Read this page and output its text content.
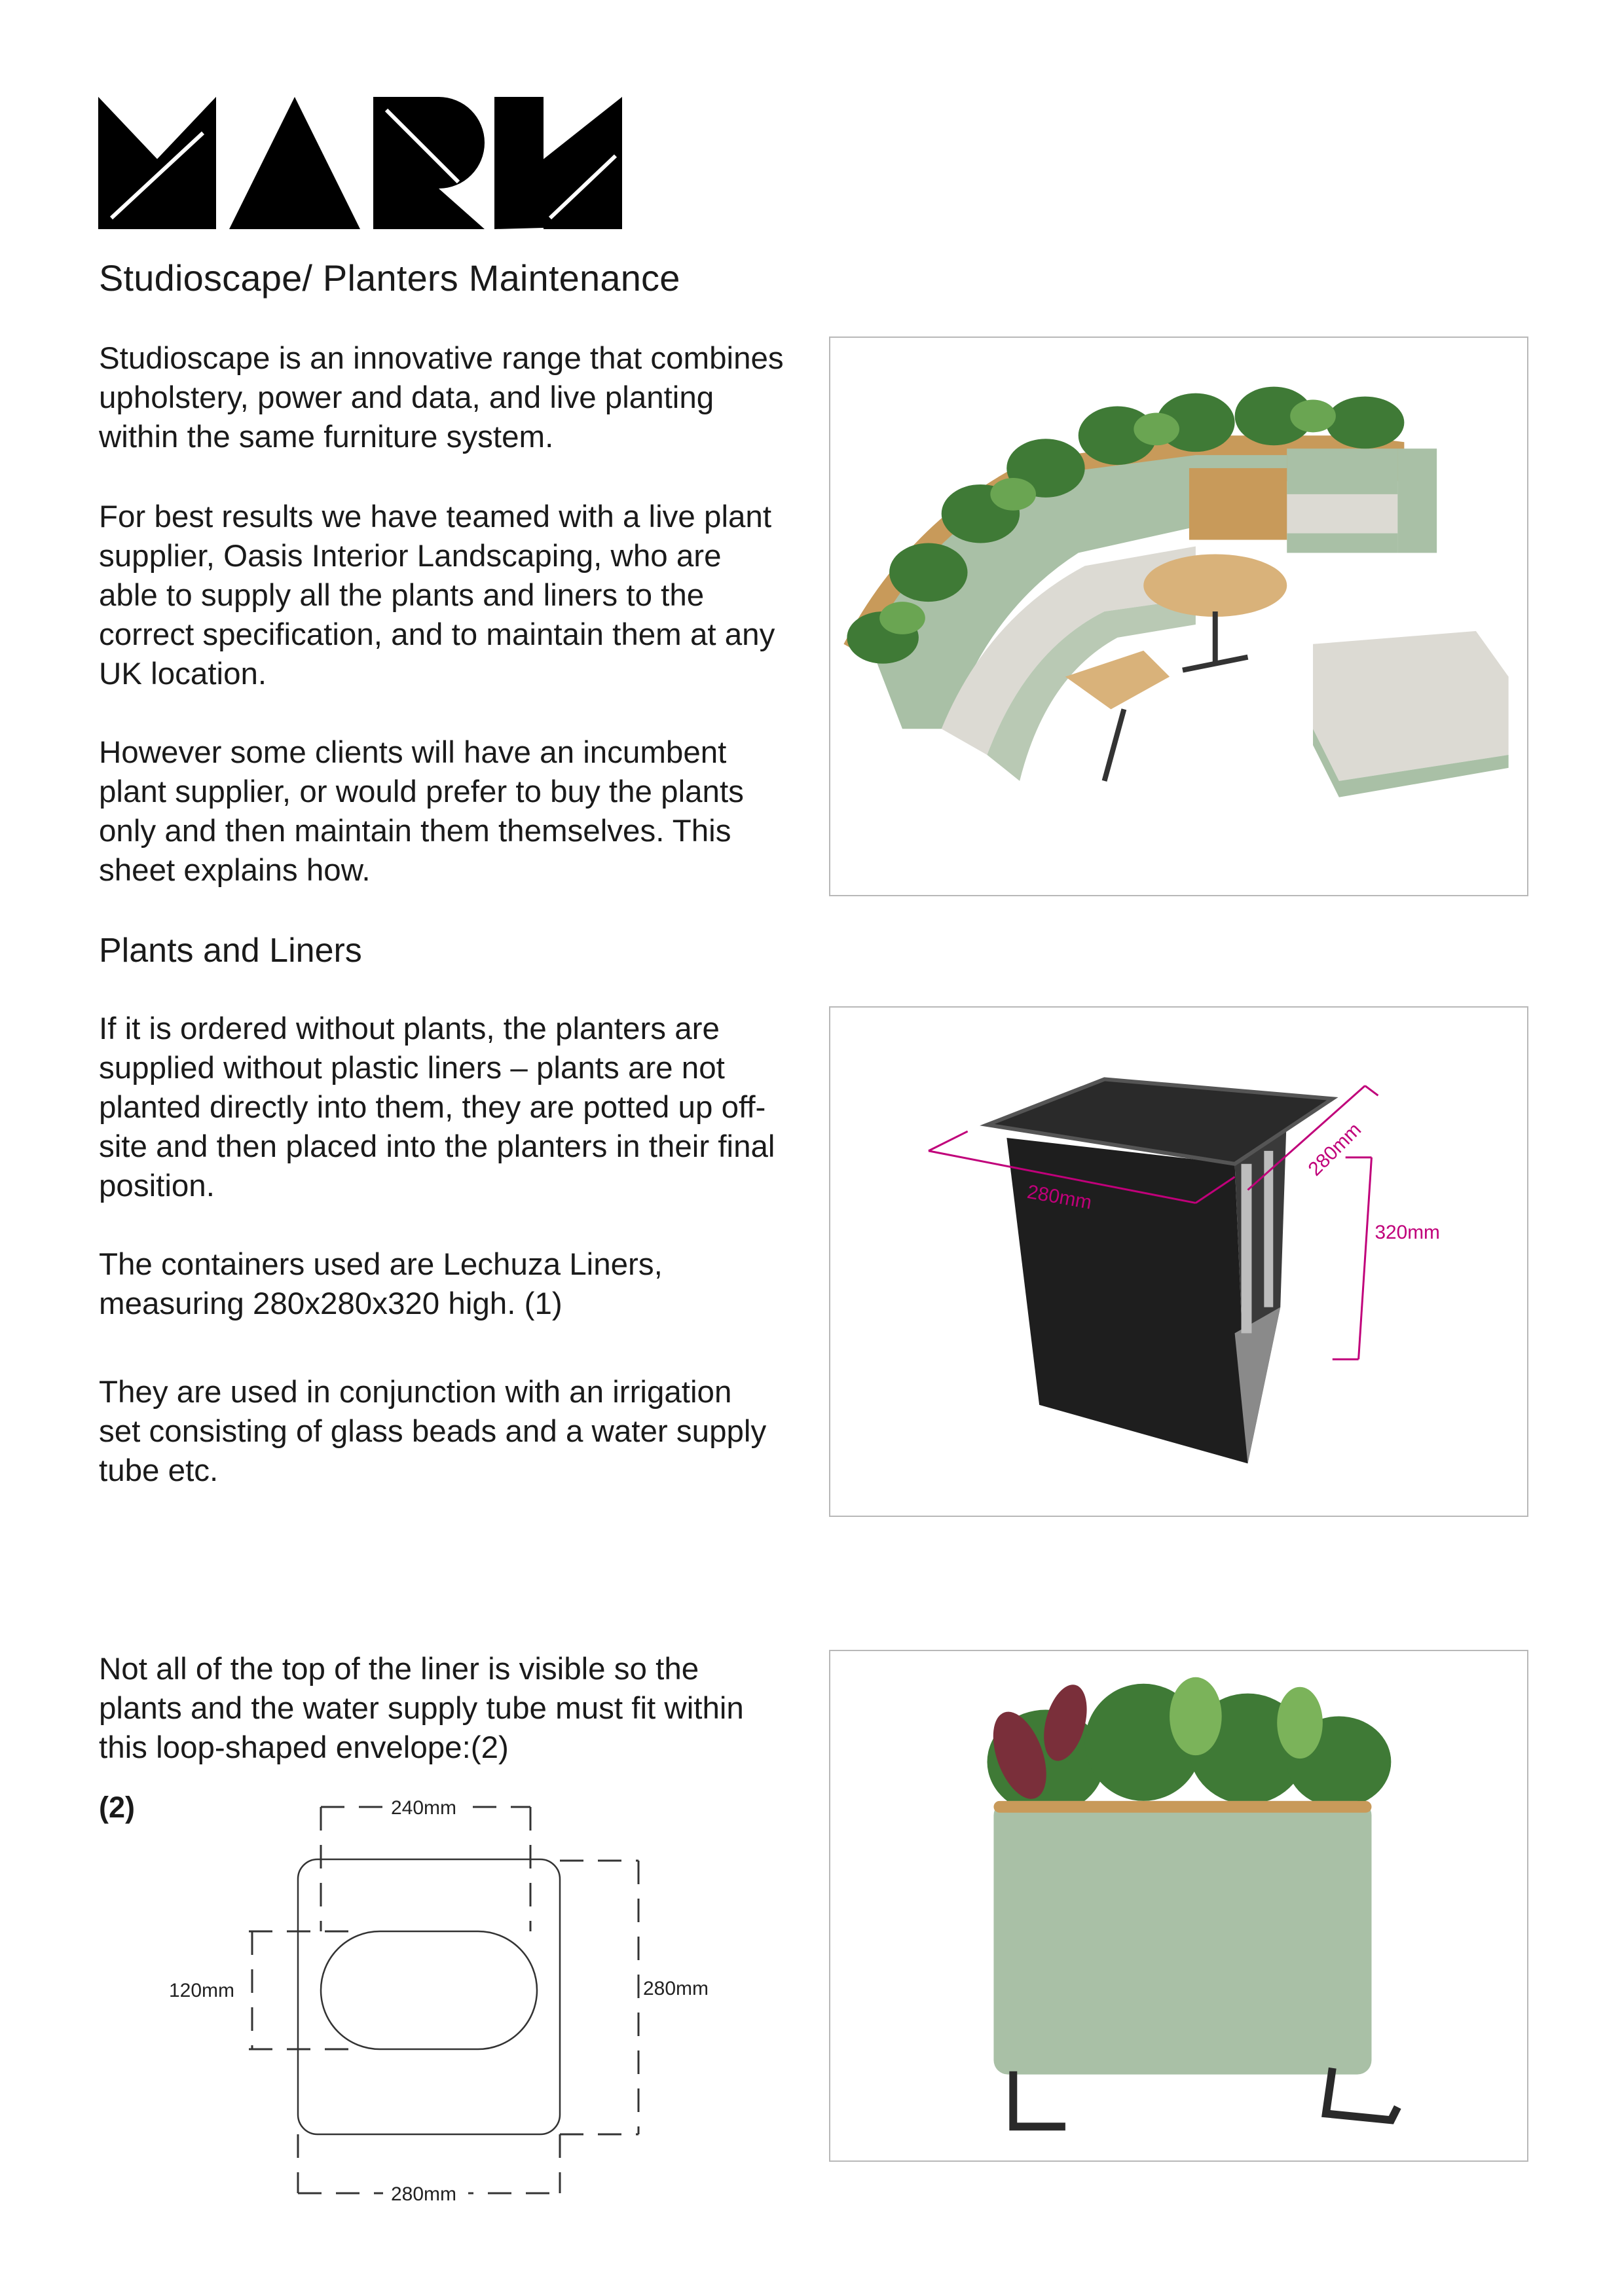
Studioscape/ Planters Maintenance

Studioscape is an innovative range that combines
upholstery, power and data, and live planting
within the same furniture system.

For best results we have teamed with a live plant
supplier, Oasis Interior Landscaping, who are
able to supply all the plants and liners to the
correct specification, and to maintain them at any
UK location.

However some clients will have an incumbent
plant supplier, or would prefer to buy the plants
only and then maintain them themselves. This
sheet explains how.

Plants and Liners

If it is ordered without plants, the planters are
supplied without plastic liners – plants are not
planted directly into them, they are potted up off-
site and then placed into the planters in their final
position.

The containers used are Lechuza Liners,
measuring 280x280x320 high. (1)

They are used in conjunction with an irrigation
set consisting of glass beads and a water supply
tube etc.

Not all of the top of the liner is visible so the
plants and the water supply tube must fit within
this loop-shaped envelope:(2)

280mm
280mm
320mm
(2)	240mm
120mm	280mm
280mm
